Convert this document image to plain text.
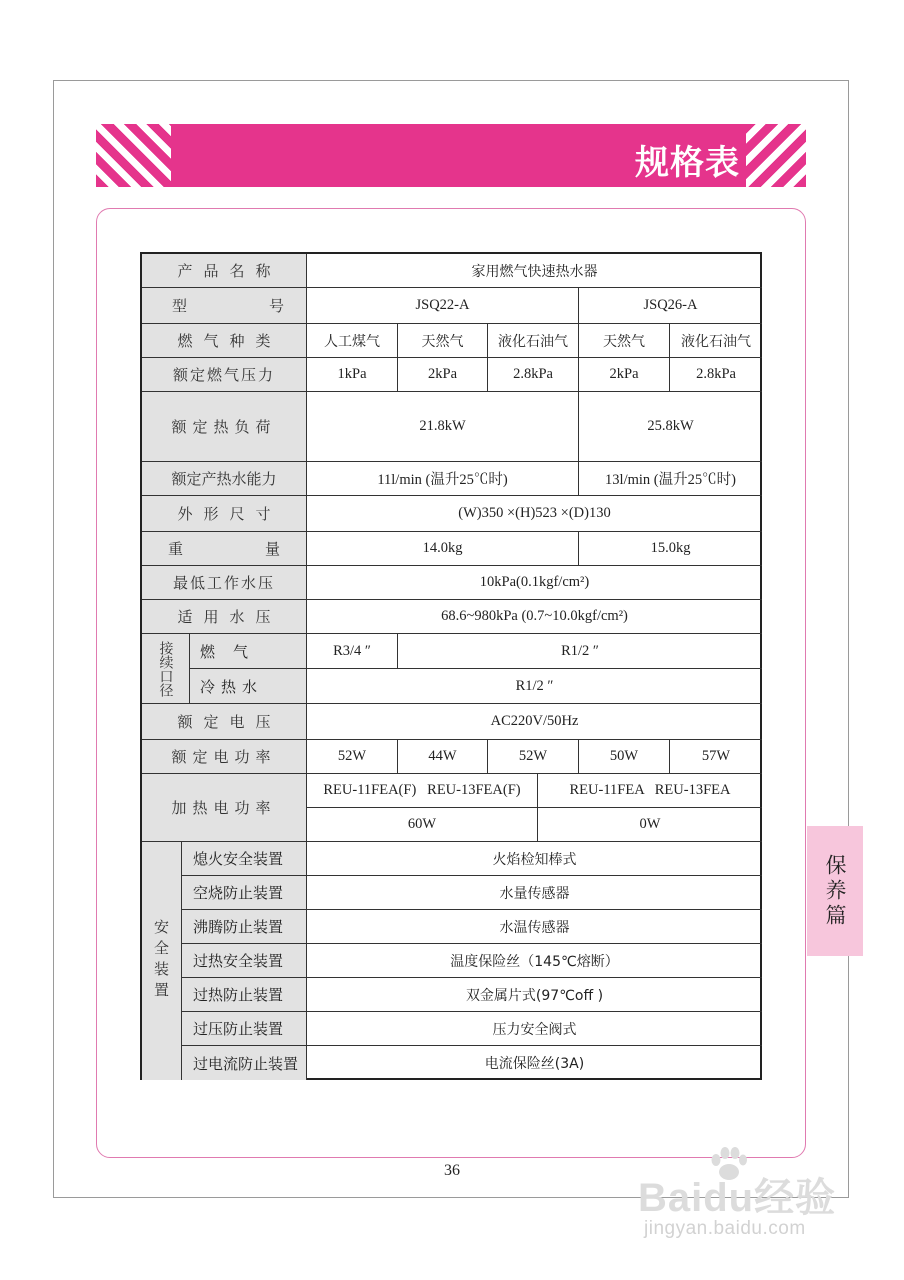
规格表
保养篇
产品名称	家用燃气快速热水器
型号	JSQ22-A	JSQ26-A
燃气种类	人工煤气	天然气	液化石油气	天然气	液化石油气
额定燃气压力	1kPa	2kPa	2.8kPa	2kPa	2.8kPa
额定热负荷	21.8kW	25.8kW
额定产热水能力	11l/min (温升25℃时)	13l/min (温升25℃时)
外形尺寸	(W)350 ×(H)523 ×(D)130
重量	14.0kg	15.0kg
最低工作水压	10kPa(0.1kgf/cm²)
适用水压	68.6~980kPa (0.7~10.0kgf/cm²)
接续口径	燃气	R3/4 ″	R1/2 ″
冷热水	R1/2 ″
额定电压	AC220V/50Hz
额定电功率	52W	44W	52W	50W	57W
加热电功率
REU-11FEA(F)   REU-13FEA(F)	REU-11FEA   REU-13FEA
60W	0W
安全装置
熄火安全装置	火焰检知棒式
空烧防止装置	水量传感器
沸腾防止装置	水温传感器
过热安全装置	温度保险丝（145℃熔断）
过热防止装置	双金属片式(97℃off )
过压防止装置	压力安全阀式
过电流防止装置	电流保险丝(3A)
36
Baidu经验
jingyan.baidu.com
